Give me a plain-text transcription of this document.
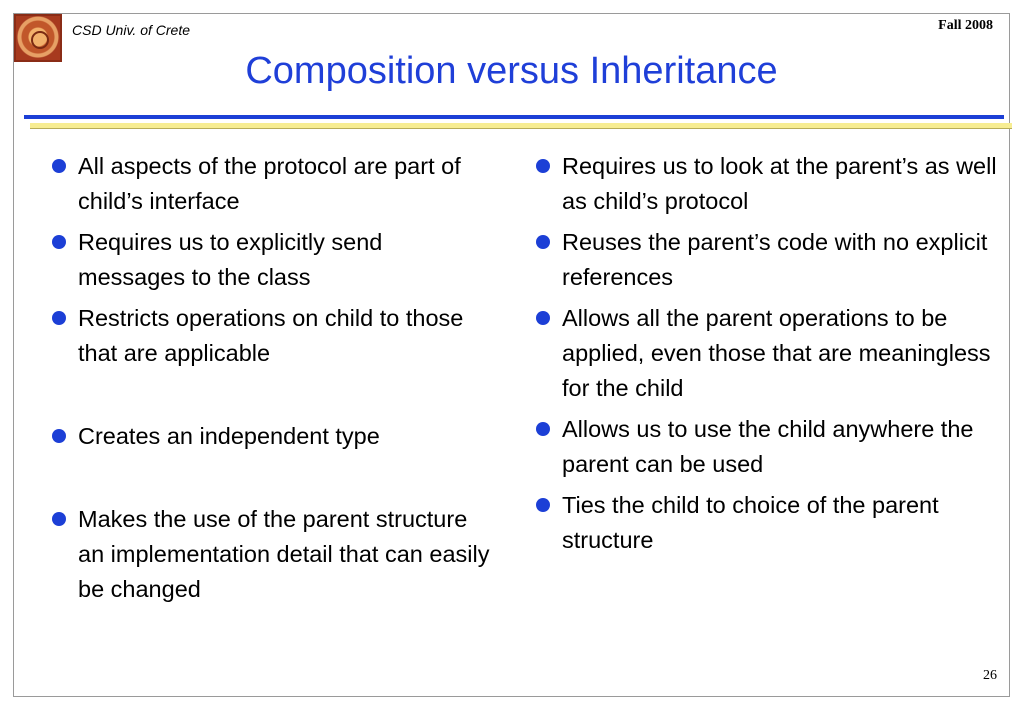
CSD Univ. of Crete	Fall 2008
Composition versus Inheritance
All aspects of the protocol are part of child’s interface
Requires us to explicitly send messages to the class
Restricts operations on child to those that are applicable
Creates an independent type
Makes the use of the parent structure an implementation detail that can easily be changed
Requires us to look at the parent’s as well as child’s protocol
Reuses the parent’s code with no explicit references
Allows all the parent operations to be applied, even those that are meaningless for the child
Allows us to use the child anywhere the parent can be used
Ties the child to choice of the parent structure
26
